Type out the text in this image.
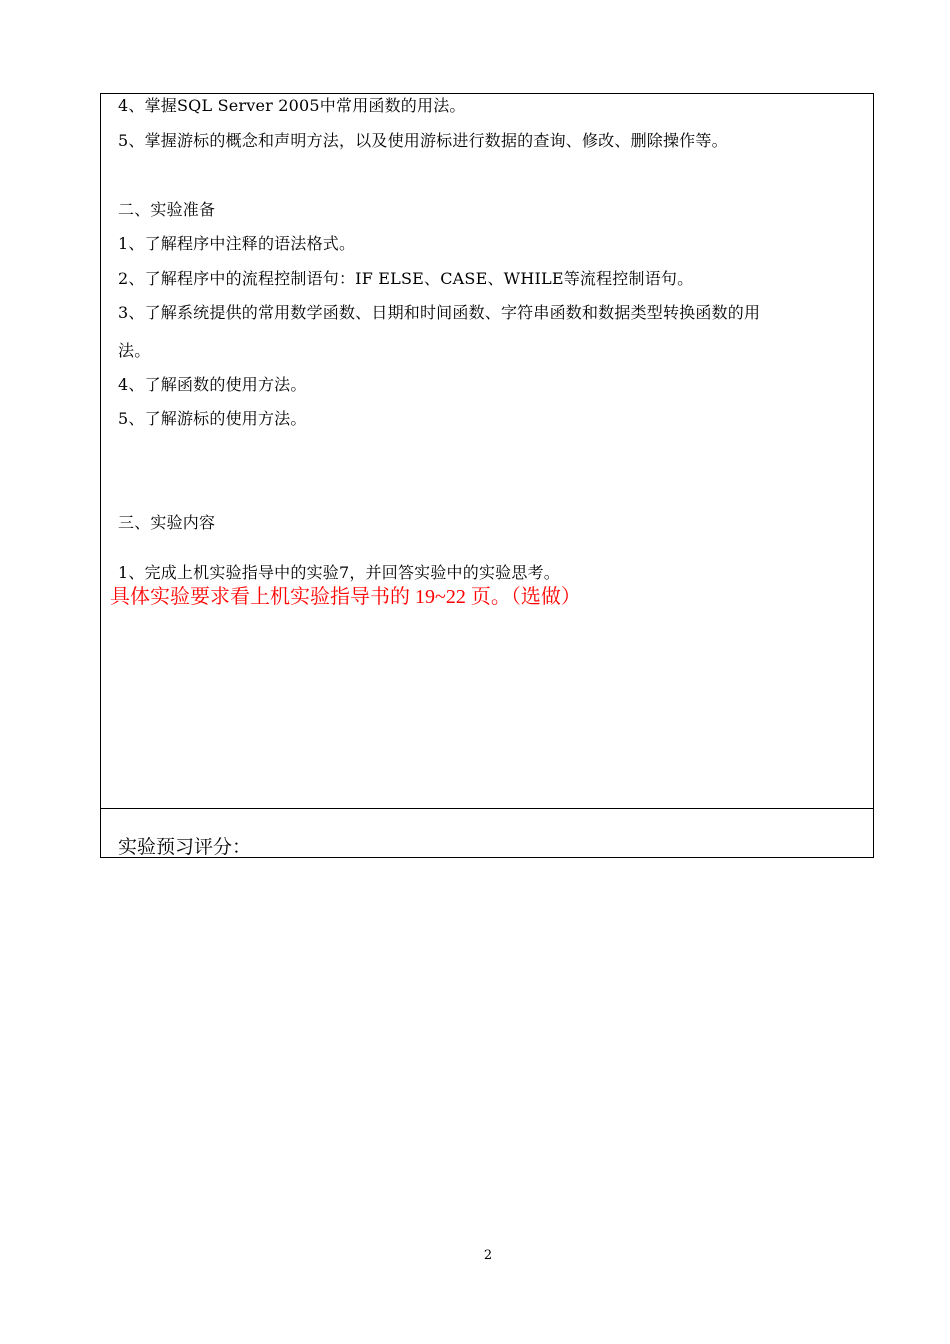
4、掌握SQL Server 2005中常用函数的用法。
5、掌握游标的概念和声明方法，以及使用游标进行数据的查询、修改、删除操作等。
二、实验准备
1、了解程序中注释的语法格式。
2、了解程序中的流程控制语句：IF ELSE、CASE、WHILE等流程控制语句。
3、了解系统提供的常用数学函数、日期和时间函数、字符串函数和数据类型转换函数的用
法。
4、了解函数的使用方法。
5、了解游标的使用方法。
三、实验内容
1、完成上机实验指导中的实验7，并回答实验中的实验思考。
具体实验要求看上机实验指导书的 19~22 页。（选做）
实验预习评分：
2
